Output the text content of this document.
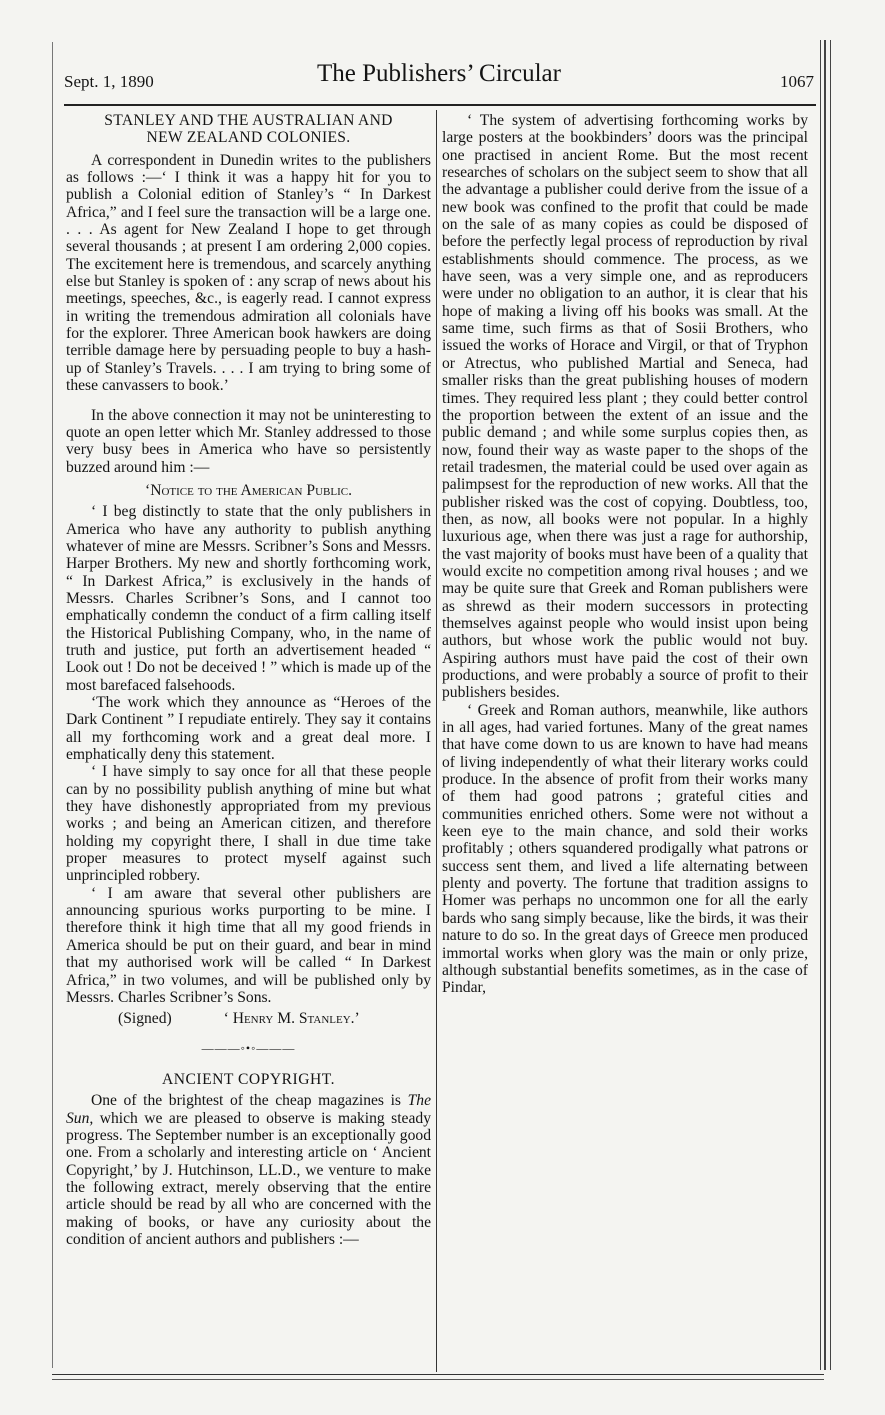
Sept. 1, 1890	The Publishers’ Circular	1067
STANLEY AND THE AUSTRALIAN AND
NEW ZEALAND COLONIES.

A correspondent in Dunedin writes to the publishers as follows :—‘ I think it was a happy hit for you to publish a Colonial edition of Stanley’s “ In Darkest Africa,” and I feel sure the transaction will be a large one. . . . As agent for New Zealand I hope to get through several thousands ; at present I am ordering 2,000 copies. The excitement here is tremendous, and scarcely anything else but Stanley is spoken of : any scrap of news about his meetings, speeches, &c., is eagerly read. I cannot express in writing the tremendous admiration all colonials have for the explorer. Three American book hawkers are doing terrible damage here by persuading people to buy a hash-up of Stanley’s Travels. . . . I am trying to bring some of these canvassers to book.’

In the above connection it may not be uninteresting to quote an open letter which Mr. Stanley addressed to those very busy bees in America who have so persistently buzzed around him :—

‘Notice to the American Public.

‘ I beg distinctly to state that the only publishers in America who have any authority to publish anything whatever of mine are Messrs. Scribner’s Sons and Messrs. Harper Brothers. My new and shortly forthcoming work, “ In Darkest Africa,” is exclusively in the hands of Messrs. Charles Scribner’s Sons, and I cannot too emphatically condemn the conduct of a firm calling itself the Historical Publishing Company, who, in the name of truth and justice, put forth an advertisement headed “ Look out ! Do not be deceived ! ” which is made up of the most barefaced falsehoods.

‘The work which they announce as “Heroes of the Dark Continent ” I repudiate entirely. They say it contains all my forthcoming work and a great deal more. I emphatically deny this statement.

‘ I have simply to say once for all that these people can by no possibility publish anything of mine but what they have dishonestly appropriated from my previous works ; and being an American citizen, and therefore holding my copyright there, I shall in due time take proper measures to protect myself against such unprincipled robbery.

‘ I am aware that several other publishers are announcing spurious works purporting to be mine. I therefore think it high time that all my good friends in America should be put on their guard, and bear in mind that my authorised work will be called “ In Darkest Africa,” in two volumes, and will be published only by Messrs. Charles Scribner’s Sons.

(Signed)	‘ Henry M. Stanley.’

———◦•◦———
ANCIENT COPYRIGHT.

One of the brightest of the cheap magazines is The Sun, which we are pleased to observe is making steady progress. The September number is an exceptionally good one. From a scholarly and interesting article on ‘ Ancient Copyright,’ by J. Hutchinson, LL.D., we venture to make the following extract, merely observing that the entire article should be read by all who are concerned with the making of books, or have any curiosity about the condition of ancient authors and publishers :—

‘ The system of advertising forthcoming works by large posters at the bookbinders’ doors was the principal one practised in ancient Rome. But the most recent researches of scholars on the subject seem to show that all the advantage a publisher could derive from the issue of a new book was confined to the profit that could be made on the sale of as many copies as could be disposed of before the perfectly legal process of reproduction by rival establishments should commence. The process, as we have seen, was a very simple one, and as reproducers were under no obligation to an author, it is clear that his hope of making a living off his books was small. At the same time, such firms as that of Sosii Brothers, who issued the works of Horace and Virgil, or that of Tryphon or Atrectus, who published Martial and Seneca, had smaller risks than the great publishing houses of modern times. They required less plant ; they could better control the proportion between the extent of an issue and the public demand ; and while some surplus copies then, as now, found their way as waste paper to the shops of the retail tradesmen, the material could be used over again as palimpsest for the reproduction of new works. All that the publisher risked was the cost of copying. Doubtless, too, then, as now, all books were not popular. In a highly luxurious age, when there was just a rage for authorship, the vast majority of books must have been of a quality that would excite no competition among rival houses ; and we may be quite sure that Greek and Roman publishers were as shrewd as their modern successors in protecting themselves against people who would insist upon being authors, but whose work the public would not buy. Aspiring authors must have paid the cost of their own productions, and were probably a source of profit to their publishers besides.

‘ Greek and Roman authors, meanwhile, like authors in all ages, had varied fortunes. Many of the great names that have come down to us are known to have had means of living independently of what their literary works could produce. In the absence of profit from their works many of them had good patrons ; grateful cities and communities enriched others. Some were not without a keen eye to the main chance, and sold their works profitably ; others squandered prodigally what patrons or success sent them, and lived a life alternating between plenty and poverty. The fortune that tradition assigns to Homer was perhaps no uncommon one for all the early bards who sang simply because, like the birds, it was their nature to do so. In the great days of Greece men produced immortal works when glory was the main or only prize, although substantial benefits sometimes, as in the case of Pindar,
